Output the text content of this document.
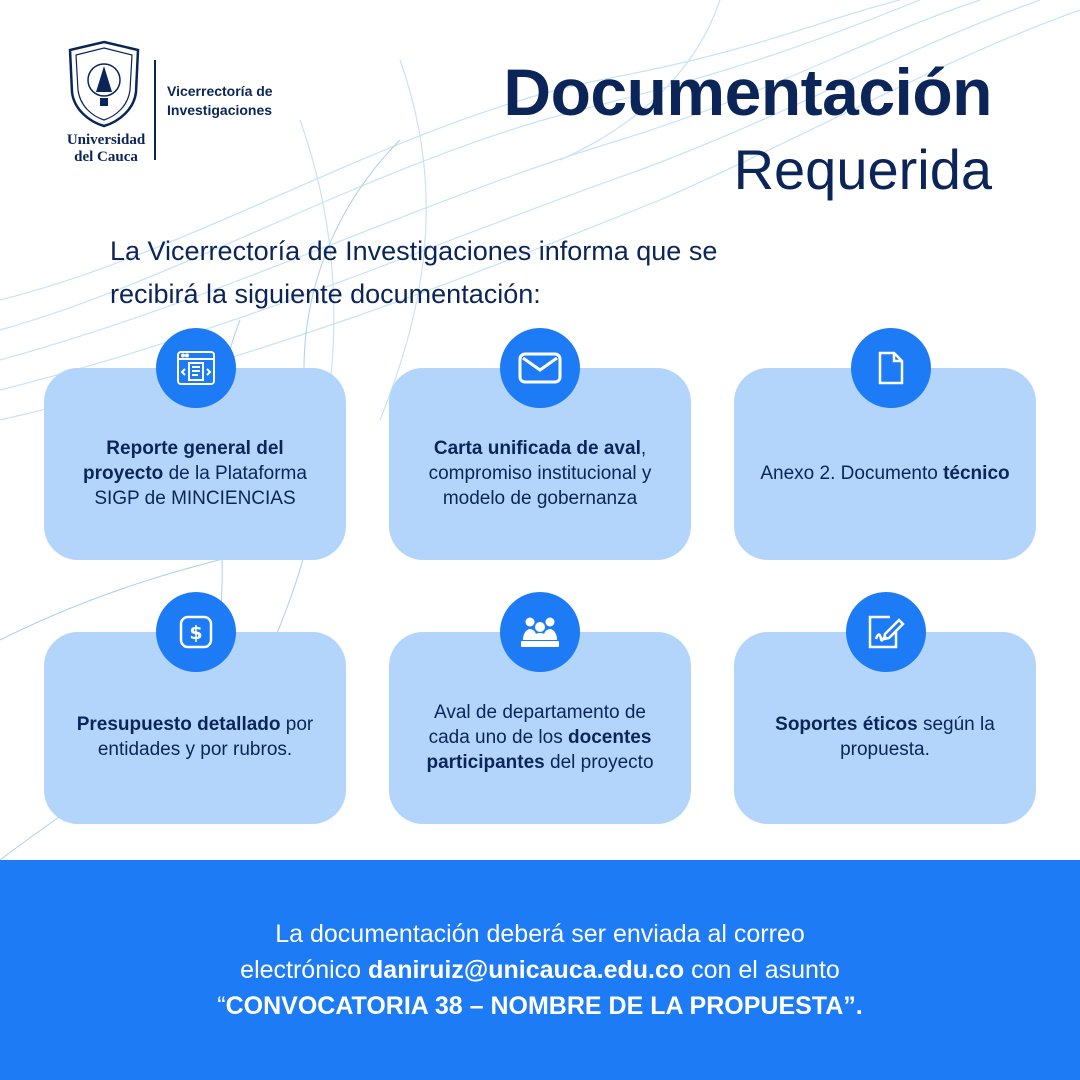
Universidad
del Cauca
Vicerrectoría de
Investigaciones	Documentación
Requerida
La Vicerrectoría de Investigaciones informa que se
recibirá la siguiente documentación:
Reporte general del proyecto de la Plataforma SIGP de MINCIENCIAS
Carta unificada de aval, compromiso institucional y modelo de gobernanza
Anexo 2. Documento técnico
Presupuesto detallado por entidades y por rubros.
Aval de departamento de cada uno de los docentes participantes del proyecto
Soportes éticos según la propuesta.
$
La documentación deberá ser enviada al correo
electrónico daniruiz@unicauca.edu.co con el asunto
“CONVOCATORIA 38 – NOMBRE DE LA PROPUESTA”.
